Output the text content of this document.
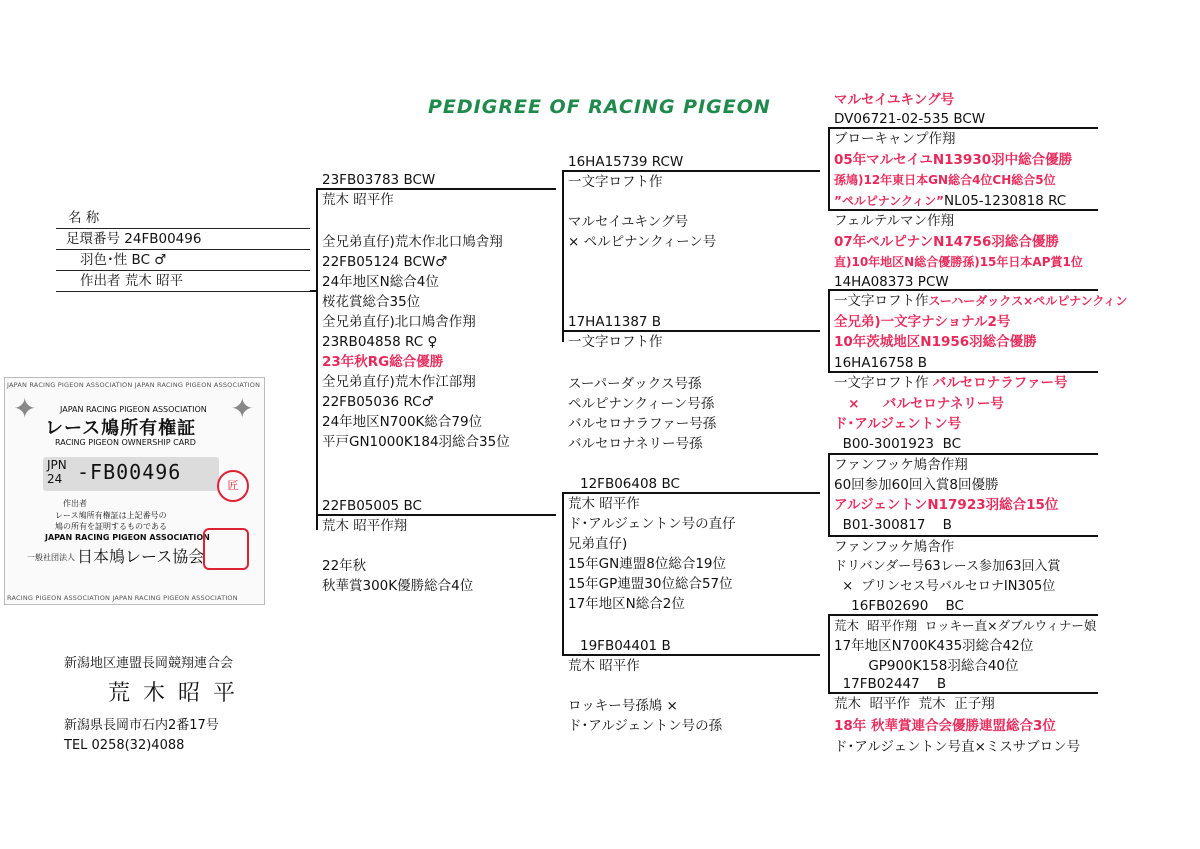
PEDIGREE OF RACING PIGEON
名 称
足環番号 24FB00496
羽色･性 BC ♂
作出者 荒木 昭平
JAPAN RACING PIGEON ASSOCIATION JAPAN RACING PIGEON ASSOCIATION
RACING PIGEON ASSOCIATION JAPAN RACING PIGEON ASSOCIATION
✦	✦
JAPAN RACING PIGEON ASSOCIATION
レース鳩所有権証
RACING PIGEON OWNERSHIP CARD
JPN
24 -FB00496
作出者
レース鳩所有権証は上記番号の
鳩の所有を証明するものである
JAPAN RACING PIGEON ASSOCIATION
一般社団法人 日本鳩レース協会
匠
新潟地区連盟長岡競翔連合会
荒 木 昭 平
新潟県長岡市石内2番17号
TEL 0258(32)4088
23FB03783 BCW
荒木 昭平作
全兄弟直仔)荒木作北口鳩舎翔
22FB05124 BCW♂
24年地区N総合4位
桜花賞総合35位
全兄弟直仔)北口鳩舎作翔
23RB04858 RC ♀
23年秋RG総合優勝
全兄弟直仔)荒木作江部翔
22FB05036 RC♂
24年地区N700K総合79位
平戸GN1000K184羽総合35位
22FB05005 BC
荒木 昭平作翔
22年秋
秋華賞300K優勝総合4位
16HA15739 RCW
一文字ロフト作
マルセイユキング号
× ペルピナンクィーン号
17HA11387 B
一文字ロフト作
スーパーダックス号孫
ペルピナンクィーン号孫
バルセロナラファー号孫
バルセロナネリー号孫
12FB06408 BC
荒木 昭平作
ド･アルジェントン号の直仔
兄弟直仔)
15年GN連盟8位総合19位
15年GP連盟30位総合57位
17年地区N総合2位
19FB04401 B
荒木 昭平作
ロッキー号孫鳩 ×
ド･アルジェントン号の孫
マルセイユキング号
DV06721-02-535 BCW
ブローキャンプ作翔
05年マルセイユN13930羽中総合優勝
孫鳩)12年東日本GN総合4位CH総合5位
”ペルピナンクィン”NL05-1230818 RC
フェルテルマン作翔
07年ペルピナンN14756羽総合優勝
直)10年地区N総合優勝孫)15年日本AP賞1位
14HA08373 PCW
一文字ロフト作スーハーダックス×ペルピナンクィン
全兄弟)一文字ナショナル2号
10年茨城地区N1956羽総合優勝
16HA16758 B
一文字ロフト作 バルセロナラファー号
×     バルセロナネリー号
ド･アルジェントン号
B00-3001923  BC
ファンフッケ鳩舎作翔
60回参加60回入賞8回優勝
アルジェントンN17923羽総合15位
B01-300817    B
ファンフッケ鳩舎作
ドリバンダー号63レース参加63回入賞
×  プリンセス号バルセロナIN305位
16FB02690    BC
荒木  昭平作翔  ロッキー直×ダブルウィナー娘
17年地区N700K435羽総合42位
GP900K158羽総合40位
17FB02447    B
荒木  昭平作  荒木  正子翔
18年 秋華賞連合会優勝連盟総合3位
ド･アルジェントン号直×ミスサブロン号
